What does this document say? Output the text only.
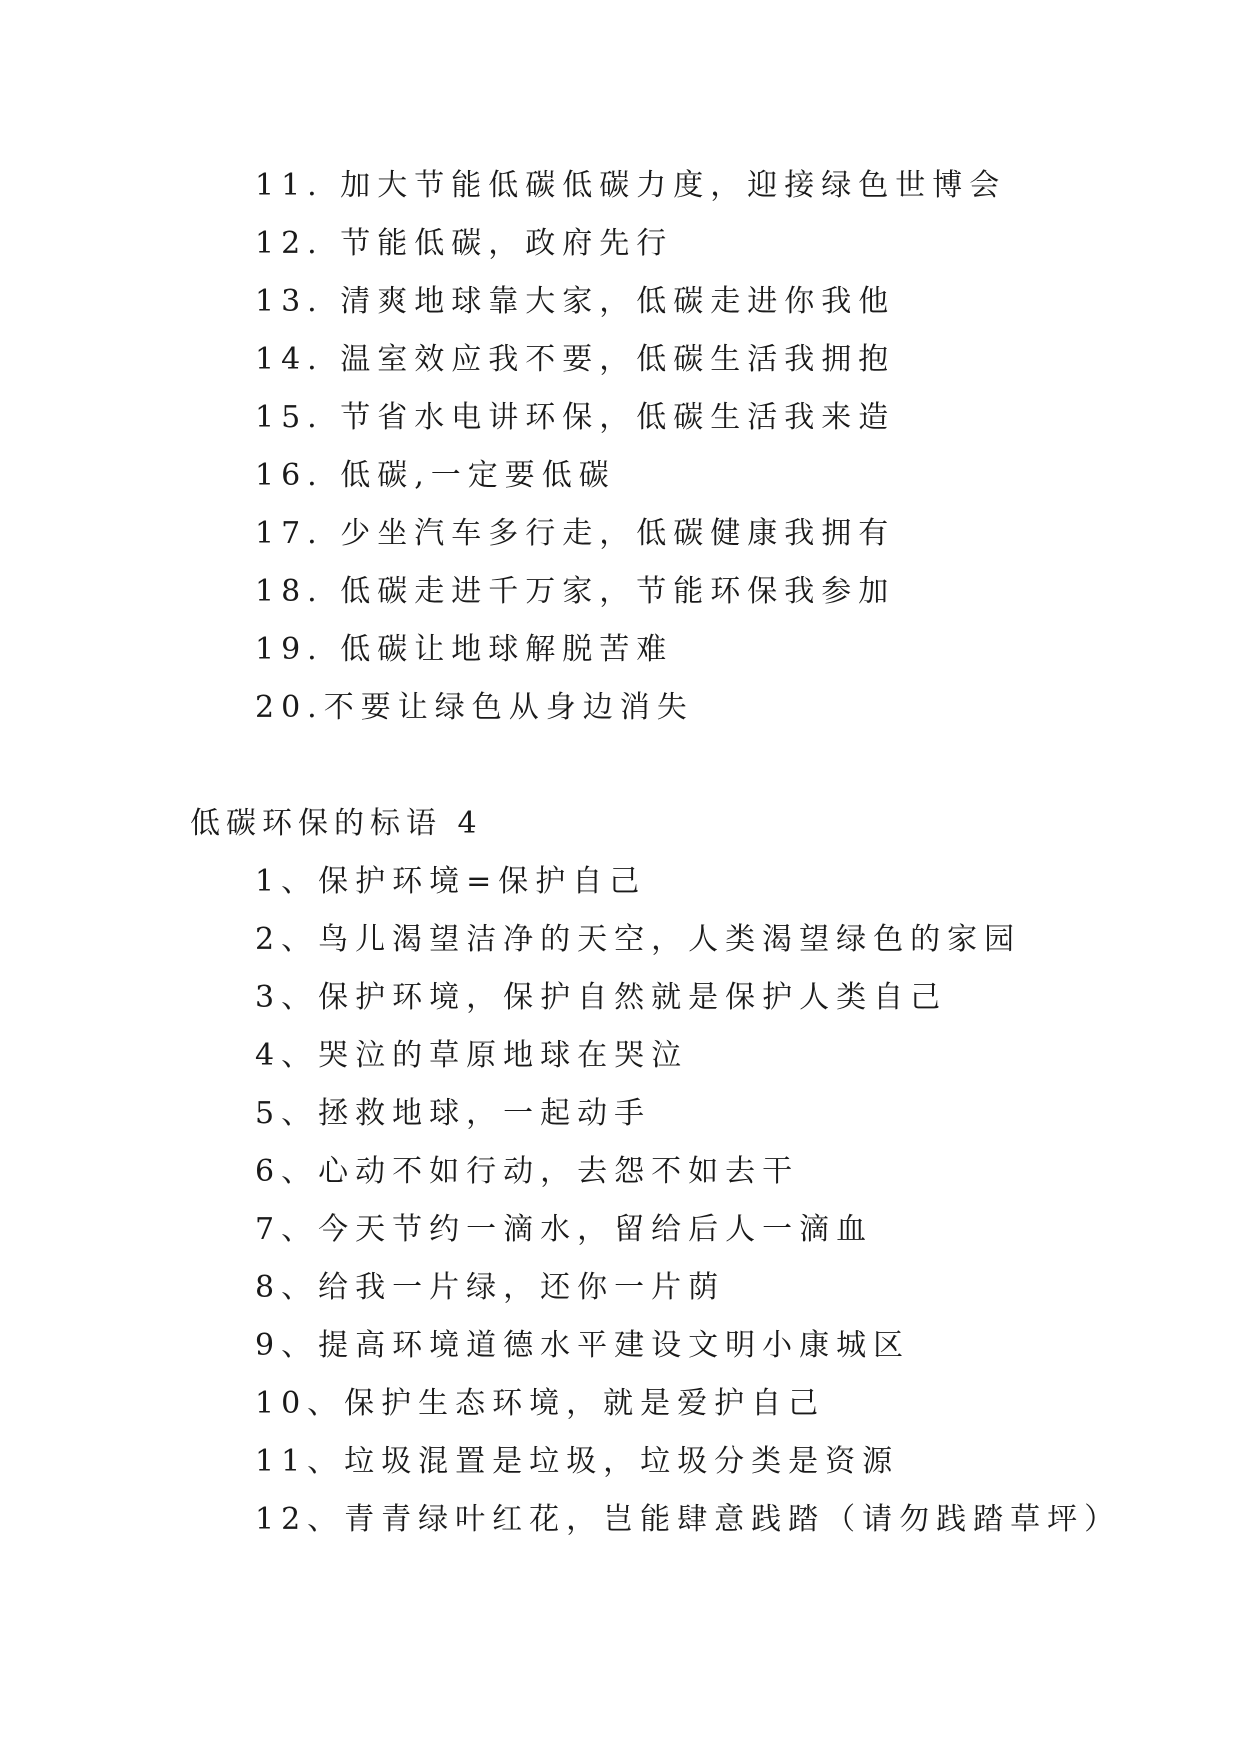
11. 加大节能低碳低碳力度，迎接绿色世博会
12. 节能低碳，政府先行
13. 清爽地球靠大家，低碳走进你我他
14. 温室效应我不要，低碳生活我拥抱
15. 节省水电讲环保，低碳生活我来造
16. 低碳,一定要低碳
17. 少坐汽车多行走，低碳健康我拥有
18. 低碳走进千万家，节能环保我参加
19. 低碳让地球解脱苦难
20.不要让绿色从身边消失
低碳环保的标语 4
1、保护环境=保护自己
2、鸟儿渴望洁净的天空，人类渴望绿色的家园
3、保护环境，保护自然就是保护人类自己
4、哭泣的草原地球在哭泣
5、拯救地球，一起动手
6、心动不如行动，去怨不如去干
7、今天节约一滴水，留给后人一滴血
8、给我一片绿，还你一片荫
9、提高环境道德水平建设文明小康城区
10、保护生态环境，就是爱护自己
11、垃圾混置是垃圾，垃圾分类是资源
12、青青绿叶红花，岂能肆意践踏（请勿践踏草坪）
